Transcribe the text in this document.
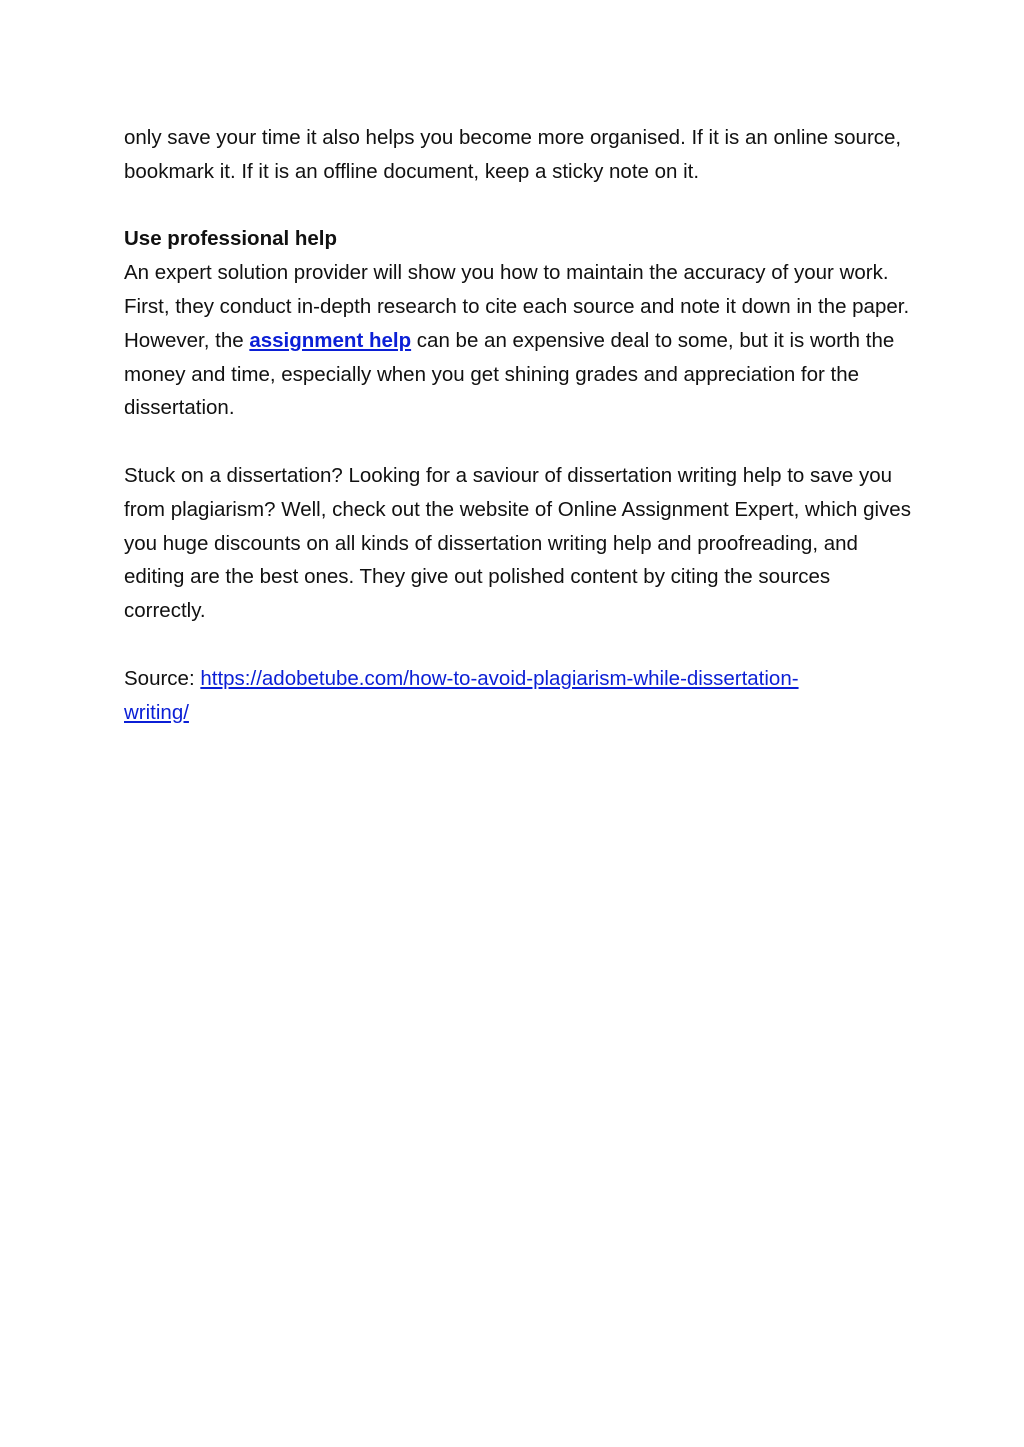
only save your time it also helps you become more organised. If it is an online source, bookmark it. If it is an offline document, keep a sticky note on it.

Use professional help

An expert solution provider will show you how to maintain the accuracy of your work. First, they conduct in-depth research to cite each source and note it down in the paper. However, the assignment help can be an expensive deal to some, but it is worth the money and time, especially when you get shining grades and appreciation for the dissertation.

Stuck on a dissertation? Looking for a saviour of dissertation writing help to save you from plagiarism? Well, check out the website of Online Assignment Expert, which gives you huge discounts on all kinds of dissertation writing help and proofreading, and editing are the best ones. They give out polished content by citing the sources correctly.

Source: https://adobetube.com/how-to-avoid-plagiarism-while-dissertation-
writing/
